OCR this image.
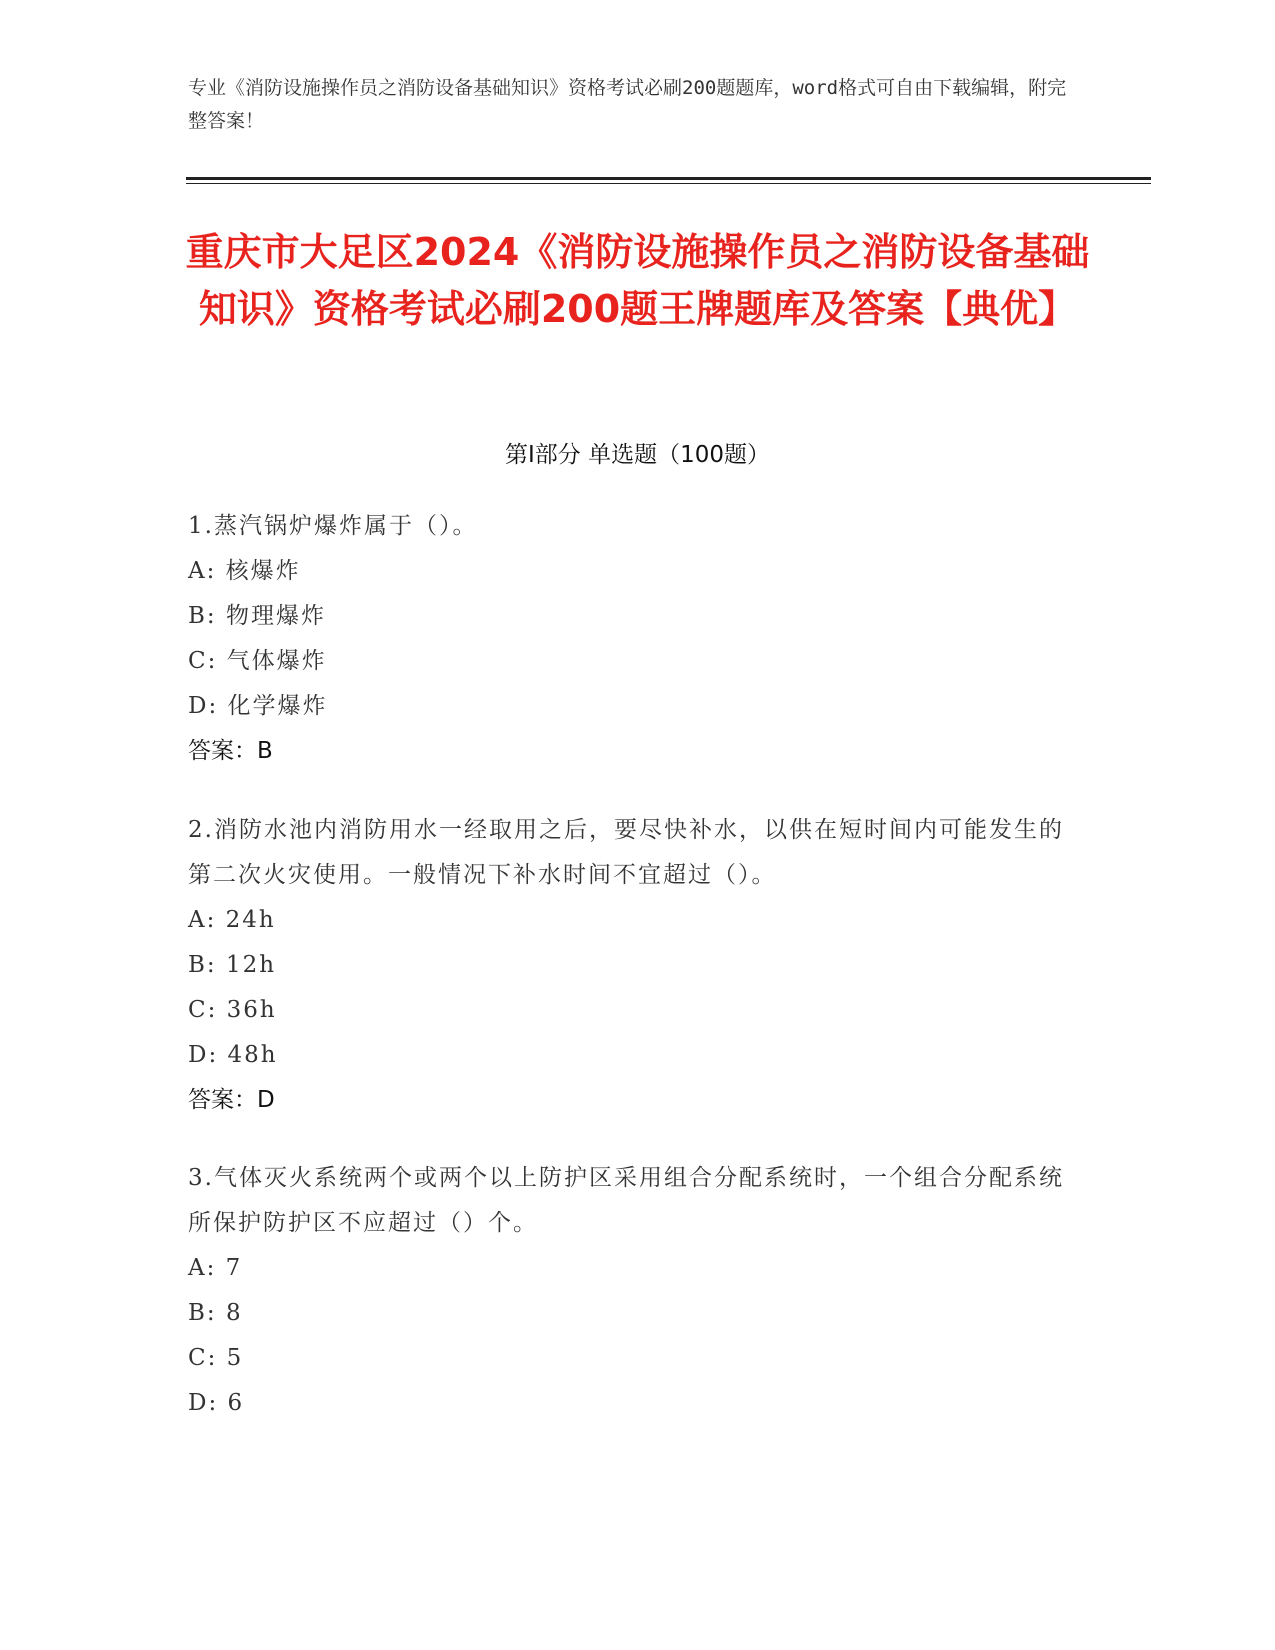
专业《消防设施操作员之消防设备基础知识》资格考试必刷200题题库，word格式可自由下载编辑，附完整答案！
重庆市大足区2024《消防设施操作员之消防设备基础知识》资格考试必刷200题王牌题库及答案【典优】
第I部分 单选题（100题）
1.蒸汽锅炉爆炸属于（）。
A: 核爆炸
B: 物理爆炸
C: 气体爆炸
D: 化学爆炸
答案：B
2.消防水池内消防用水一经取用之后，要尽快补水，以供在短时间内可能发生的第二次火灾使用。一般情况下补水时间不宜超过（）。
A: 24h
B: 12h
C: 36h
D: 48h
答案：D
3.气体灭火系统两个或两个以上防护区采用组合分配系统时，一个组合分配系统所保护防护区不应超过（）个。
A: 7
B: 8
C: 5
D: 6
